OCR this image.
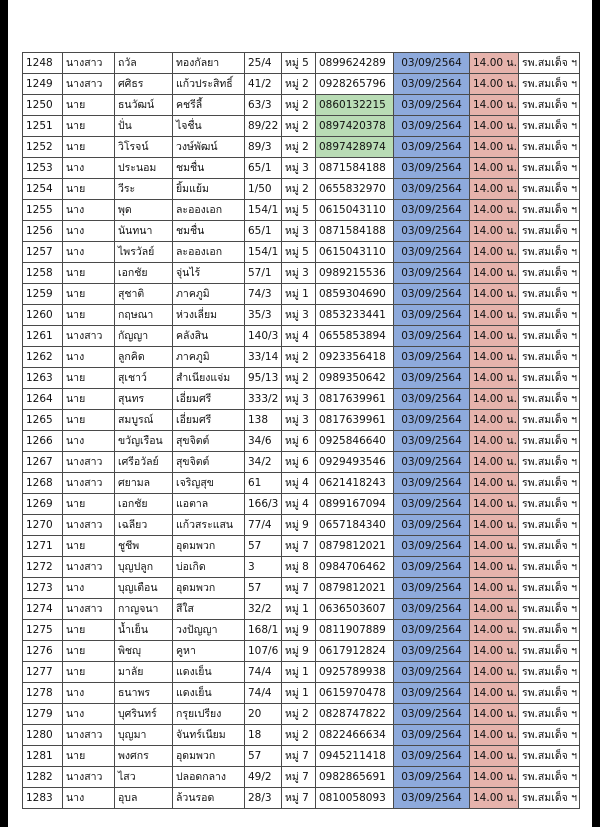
1248	นางสาว	ถวัล	ทองกัลยา	25/4	หมู่ 5	0899624289	03/09/2564	14.00 น.	รพ.สมเด็จ ฯ
1249	นางสาว	ศศิธร	แก้วประสิทธิ์	41/2	หมู่ 2	0928265796	03/09/2564	14.00 น.	รพ.สมเด็จ ฯ
1250	นาย	ธนวัฒน์	คชรีลี้	63/3	หมู่ 2	0860132215	03/09/2564	14.00 น.	รพ.สมเด็จ ฯ
1251	นาย	ปั่น	ไจชื่น	89/22	หมู่ 2	0897420378	03/09/2564	14.00 น.	รพ.สมเด็จ ฯ
1252	นาย	วิโรจน์	วงษ์พัฒน์	89/3	หมู่ 2	0897428974	03/09/2564	14.00 น.	รพ.สมเด็จ ฯ
1253	นาง	ประนอม	ชมชื่น	65/1	หมู่ 3	0871584188	03/09/2564	14.00 น.	รพ.สมเด็จ ฯ
1254	นาย	วีระ	ยิ้มแย้ม	1/50	หมู่ 2	0655832970	03/09/2564	14.00 น.	รพ.สมเด็จ ฯ
1255	นาง	พุด	ละอองเอก	154/1	หมู่ 5	0615043110	03/09/2564	14.00 น.	รพ.สมเด็จ ฯ
1256	นาง	นันทนา	ชมชื่น	65/1	หมู่ 3	0871584188	03/09/2564	14.00 น.	รพ.สมเด็จ ฯ
1257	นาง	ไพรวัลย์	ละอองเอก	154/1	หมู่ 5	0615043110	03/09/2564	14.00 น.	รพ.สมเด็จ ฯ
1258	นาย	เอกชัย	จุ่นไร้	57/1	หมู่ 3	0989215536	03/09/2564	14.00 น.	รพ.สมเด็จ ฯ
1259	นาย	สุชาติ	ภาคภูมิ	74/3	หมู่ 1	0859304690	03/09/2564	14.00 น.	รพ.สมเด็จ ฯ
1260	นาย	กฤษณา	ห่วงเลี่ยม	35/3	หมู่ 3	0853233441	03/09/2564	14.00 น.	รพ.สมเด็จ ฯ
1261	นางสาว	กัญญา	คลังสิน	140/3	หมู่ 4	0655853894	03/09/2564	14.00 น.	รพ.สมเด็จ ฯ
1262	นาง	ลูกคิด	ภาคภูมิ	33/14	หมู่ 2	0923356418	03/09/2564	14.00 น.	รพ.สมเด็จ ฯ
1263	นาย	สุเชาว์	สำเนียงแจ่ม	95/13	หมู่ 2	0989350642	03/09/2564	14.00 น.	รพ.สมเด็จ ฯ
1264	นาย	สุนทร	เอี่ยมศรี	333/2	หมู่ 3	0817639961	03/09/2564	14.00 น.	รพ.สมเด็จ ฯ
1265	นาย	สมบูรณ์	เอี่ยมศรี	138	หมู่ 3	0817639961	03/09/2564	14.00 น.	รพ.สมเด็จ ฯ
1266	นาง	ขวัญเรือน	สุขจิตต์	34/6	หมู่ 6	0925846640	03/09/2564	14.00 น.	รพ.สมเด็จ ฯ
1267	นางสาว	เศรีอวัลย์	สุขจิตต์	34/2	หมู่ 6	0929493546	03/09/2564	14.00 น.	รพ.สมเด็จ ฯ
1268	นางสาว	ศยามล	เจริญสุข	61	หมู่ 4	0621418243	03/09/2564	14.00 น.	รพ.สมเด็จ ฯ
1269	นาย	เอกชัย	แอตาล	166/3	หมู่ 4	0899167094	03/09/2564	14.00 น.	รพ.สมเด็จ ฯ
1270	นางสาว	เฉลียว	แก้วสระแสน	77/4	หมู่ 9	0657184340	03/09/2564	14.00 น.	รพ.สมเด็จ ฯ
1271	นาย	ชูชีพ	อุดมพวก	57	หมู่ 7	0879812021	03/09/2564	14.00 น.	รพ.สมเด็จ ฯ
1272	นางสาว	บุญปลูก	บ่อเกิด	3	หมู่ 8	0984706462	03/09/2564	14.00 น.	รพ.สมเด็จ ฯ
1273	นาง	บุญเตือน	อุดมพวก	57	หมู่ 7	0879812021	03/09/2564	14.00 น.	รพ.สมเด็จ ฯ
1274	นางสาว	กาญจนา	สีใส	32/2	หมู่ 1	0636503607	03/09/2564	14.00 น.	รพ.สมเด็จ ฯ
1275	นาย	น้ำเย็น	วงปัญญา	168/1	หมู่ 9	0811907889	03/09/2564	14.00 น.	รพ.สมเด็จ ฯ
1276	นาย	พิชญุ	คูหา	107/6	หมู่ 9	0617912824	03/09/2564	14.00 น.	รพ.สมเด็จ ฯ
1277	นาย	มาลัย	แดงเย็น	74/4	หมู่ 1	0925789938	03/09/2564	14.00 น.	รพ.สมเด็จ ฯ
1278	นาง	ธนาพร	แดงเย็น	74/4	หมู่ 1	0615970478	03/09/2564	14.00 น.	รพ.สมเด็จ ฯ
1279	นาง	บุศรินทร์	กรุยเปรียง	20	หมู่ 2	0828747822	03/09/2564	14.00 น.	รพ.สมเด็จ ฯ
1280	นางสาว	บุญมา	จันทร์เนียม	18	หมู่ 2	0822466634	03/09/2564	14.00 น.	รพ.สมเด็จ ฯ
1281	นาย	พงศกร	อุดมพวก	57	หมู่ 7	0945211418	03/09/2564	14.00 น.	รพ.สมเด็จ ฯ
1282	นางสาว	ไสว	ปลอดกลาง	49/2	หมู่ 7	0982865691	03/09/2564	14.00 น.	รพ.สมเด็จ ฯ
1283	นาง	อุบล	ล้วนรอด	28/3	หมู่ 7	0810058093	03/09/2564	14.00 น.	รพ.สมเด็จ ฯ
